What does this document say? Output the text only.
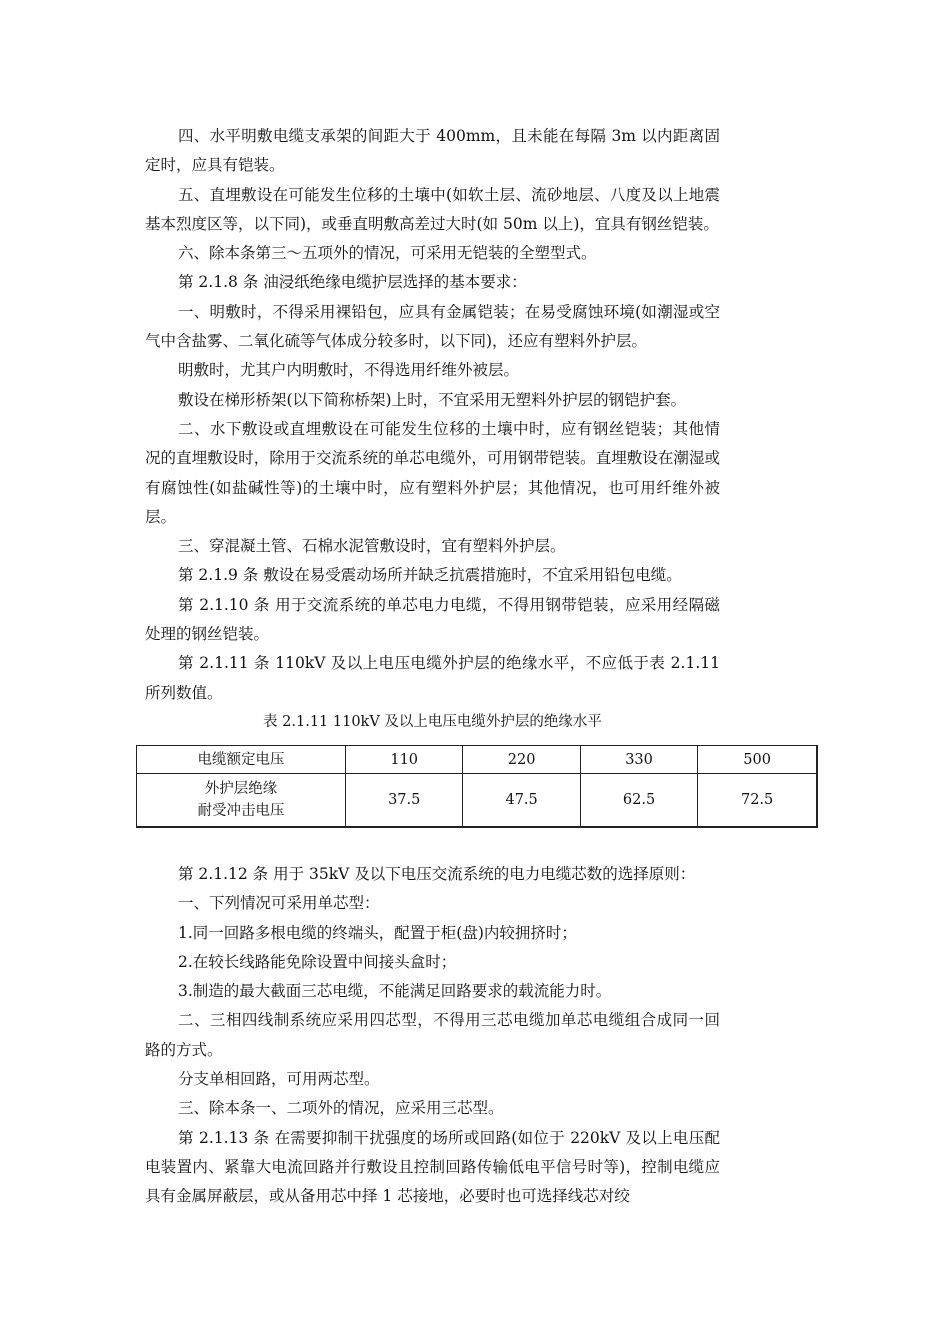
四、水平明敷电缆支承架的间距大于 400mm，且未能在每隔 3m 以内距离固定时，应具有铠装。

五、直埋敷设在可能发生位移的土壤中(如软土层、流砂地层、八度及以上地震基本烈度区等，以下同)，或垂直明敷高差过大时(如 50m 以上)，宜具有钢丝铠装。

六、除本条第三～五项外的情况，可采用无铠装的全塑型式。

第 2.1.8 条 油浸纸绝缘电缆护层选择的基本要求：

一、明敷时，不得采用裸铅包，应具有金属铠装；在易受腐蚀环境(如潮湿或空气中含盐雾、二氧化硫等气体成分较多时，以下同)，还应有塑料外护层。

明敷时，尤其户内明敷时，不得选用纤维外被层。

敷设在梯形桥架(以下简称桥架)上时，不宜采用无塑料外护层的钢铠护套。

二、水下敷设或直埋敷设在可能发生位移的土壤中时，应有钢丝铠装；其他情况的直埋敷设时，除用于交流系统的单芯电缆外，可用钢带铠装。直埋敷设在潮湿或有腐蚀性(如盐碱性等)的土壤中时，应有塑料外护层；其他情况，也可用纤维外被层。

三、穿混凝土管、石棉水泥管敷设时，宜有塑料外护层。

第 2.1.9 条 敷设在易受震动场所并缺乏抗震措施时，不宜采用铅包电缆。

第 2.1.10 条 用于交流系统的单芯电力电缆，不得用钢带铠装，应采用经隔磁处理的钢丝铠装。

第 2.1.11 条 110kV 及以上电压电缆外护层的绝缘水平，不应低于表 2.1.11 所列数值。

表 2.1.11 110kV 及以上电压电缆外护层的绝缘水平

电缆额定电压	110	220	330	500

外护层绝缘
耐受冲击电压	37.5	47.5	62.5	72.5

第 2.1.12 条 用于 35kV 及以下电压交流系统的电力电缆芯数的选择原则：

一、下列情况可采用单芯型：

1.同一回路多根电缆的终端头，配置于柜(盘)内较拥挤时；

2.在较长线路能免除设置中间接头盒时；

3.制造的最大截面三芯电缆，不能满足回路要求的载流能力时。

二、三相四线制系统应采用四芯型，不得用三芯电缆加单芯电缆组合成同一回路的方式。

分支单相回路，可用两芯型。

三、除本条一、二项外的情况，应采用三芯型。

第 2.1.13 条 在需要抑制干扰强度的场所或回路(如位于 220kV 及以上电压配电装置内、紧靠大电流回路并行敷设且控制回路传输低电平信号时等)，控制电缆应具有金属屏蔽层，或从备用芯中择 1 芯接地，必要时也可选择线芯对绞
